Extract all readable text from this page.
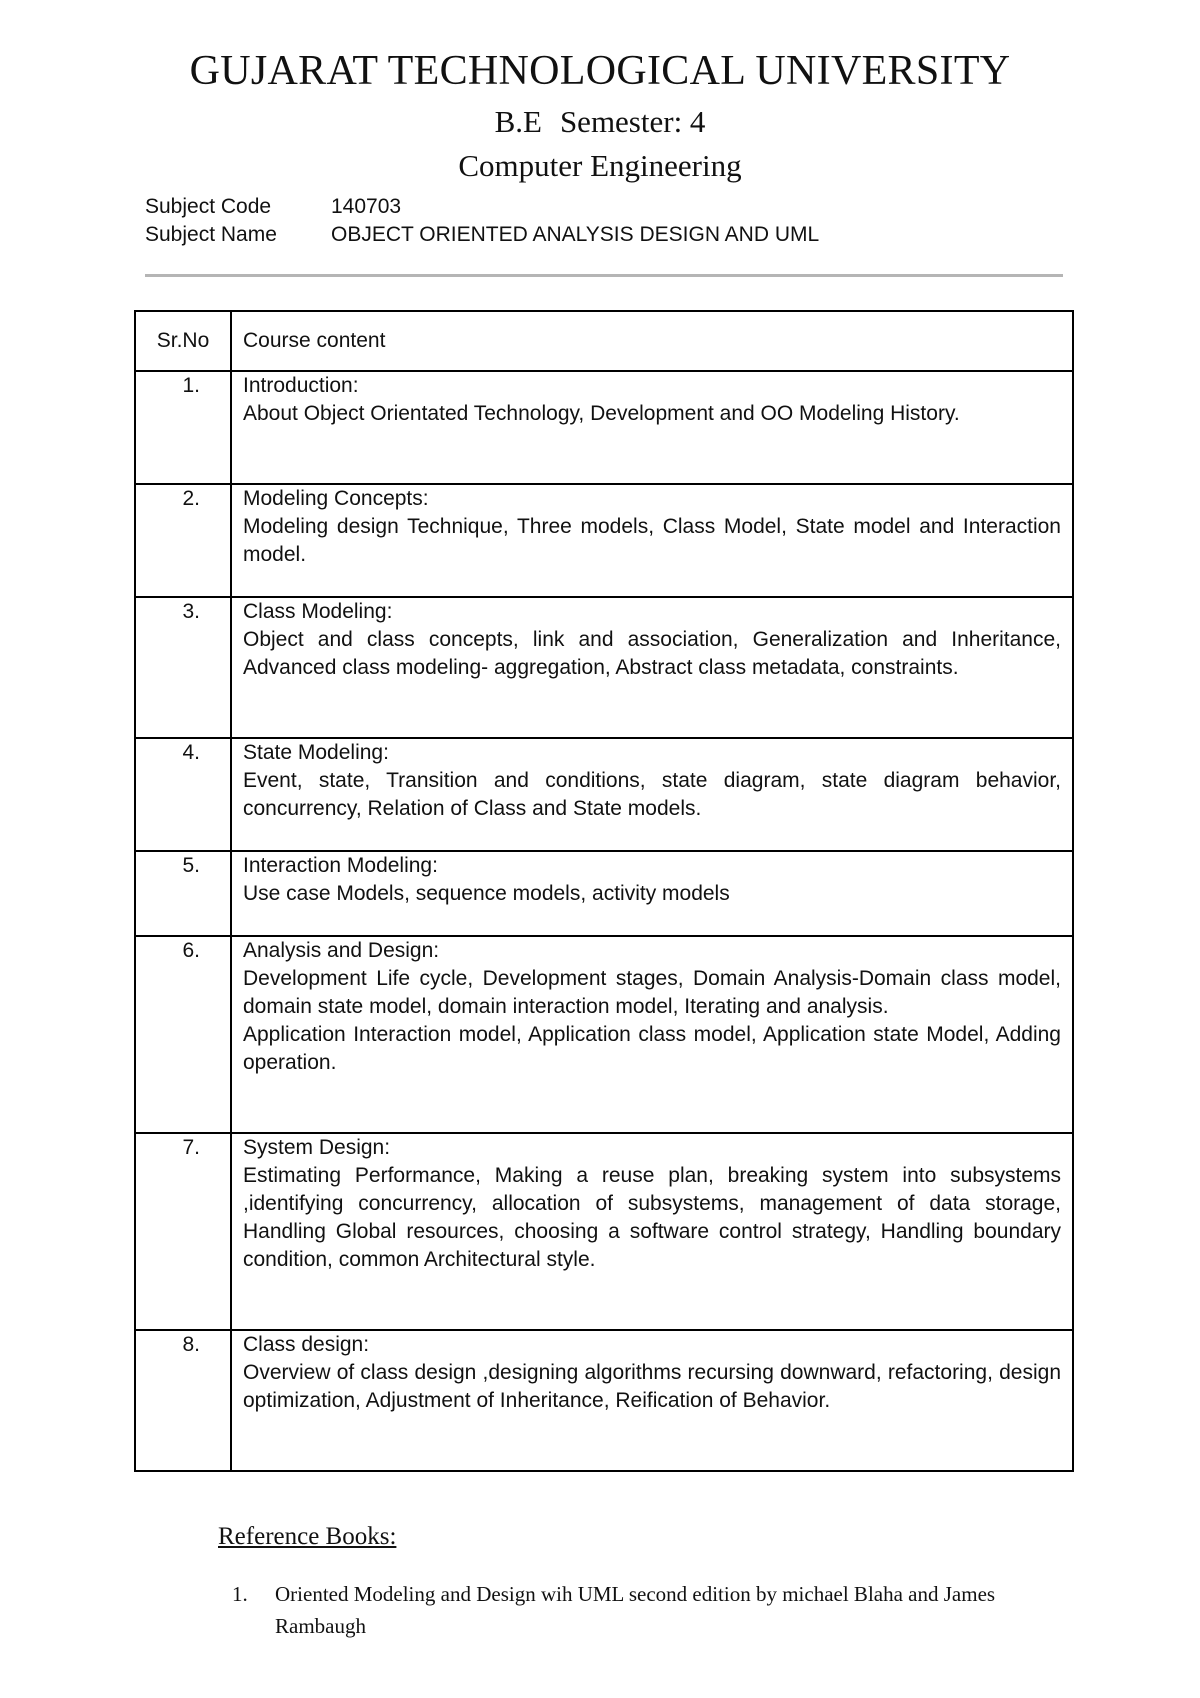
GUJARAT TECHNOLOGICAL UNIVERSITY
B.E Semester: 4
Computer Engineering
Subject Code	140703
Subject Name	OBJECT ORIENTED ANALYSIS DESIGN AND UML
Sr.No	Course content
1.	Introduction:
About Object Orientated Technology, Development and OO Modeling History.

2.	Modeling Concepts:
Modeling design Technique, Three models, Class Model, State model and Interaction model.

3.	Class Modeling:
Object and class concepts, link and association, Generalization and Inheritance, Advanced class modeling- aggregation, Abstract class metadata, constraints.

4.	State Modeling:
Event, state, Transition and conditions, state diagram, state diagram behavior, concurrency, Relation of Class and State models.

5.	Interaction Modeling:
Use case Models, sequence models, activity models

6.	Analysis and Design:
Development Life cycle, Development stages, Domain Analysis-Domain class model, domain state model, domain interaction model, Iterating and analysis.
Application Interaction model, Application class model, Application state Model, Adding operation.

7.	System Design:
Estimating Performance, Making a reuse plan, breaking system into subsystems ,identifying concurrency, allocation of subsystems, management of data storage, Handling Global resources, choosing a software control strategy, Handling boundary condition, common Architectural style.

8.	Class design:
Overview of class design ,designing algorithms recursing downward, refactoring, design optimization, Adjustment of Inheritance, Reification of Behavior.
Reference Books:
1.	Oriented Modeling and Design wih UML second edition by michael Blaha and James Rambaugh
